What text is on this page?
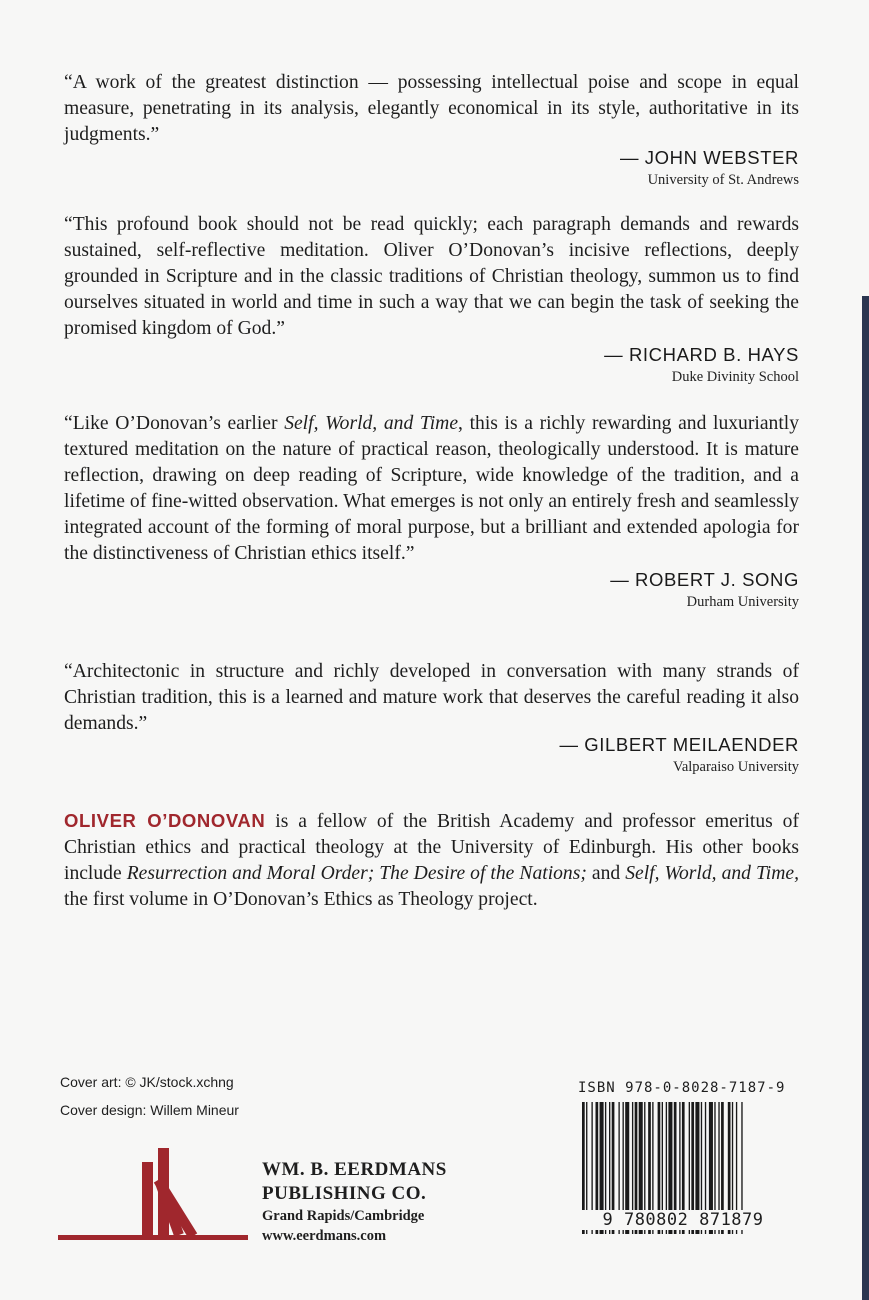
“A work of the greatest distinction — possessing intellectual poise and scope in equal measure, penetrating in its analysis, elegantly economical in its style, authoritative in its judgments.”

— JOHN WEBSTER
University of St. Andrews

“This profound book should not be read quickly; each paragraph demands and rewards sustained, self-reflective meditation. Oliver O’Donovan’s incisive reflections, deeply grounded in Scripture and in the classic traditions of Christian theology, summon us to find ourselves situated in world and time in such a way that we can begin the task of seeking the promised kingdom of God.”

— RICHARD B. HAYS
Duke Divinity School

“Like O’Donovan’s earlier Self, World, and Time, this is a richly rewarding and luxuriantly textured meditation on the nature of practical reason, theologically understood. It is mature reflection, drawing on deep reading of Scripture, wide knowledge of the tradition, and a lifetime of fine-witted observation. What emerges is not only an entirely fresh and seamlessly integrated account of the forming of moral purpose, but a brilliant and extended apologia for the distinctiveness of Christian ethics itself.”

— ROBERT J. SONG
Durham University

“Architectonic in structure and richly developed in conversation with many strands of Christian tradition, this is a learned and mature work that deserves the careful reading it also demands.”

— GILBERT MEILAENDER
Valparaiso University

OLIVER O’DONOVAN is a fellow of the British Academy and professor emeritus of Christian ethics and practical theology at the University of Edinburgh. His other books include Resurrection and Moral Order; The Desire of the Nations; and Self, World, and Time, the first volume in O’Donovan’s Ethics as Theology project.

Cover art: © JK/stock.xchng
Cover design: Willem Mineur
WM. B. EERDMANS
PUBLISHING CO.
Grand Rapids/Cambridge
www.eerdmans.com
ISBN 978-0-8028-7187-9
9 780802 871879
